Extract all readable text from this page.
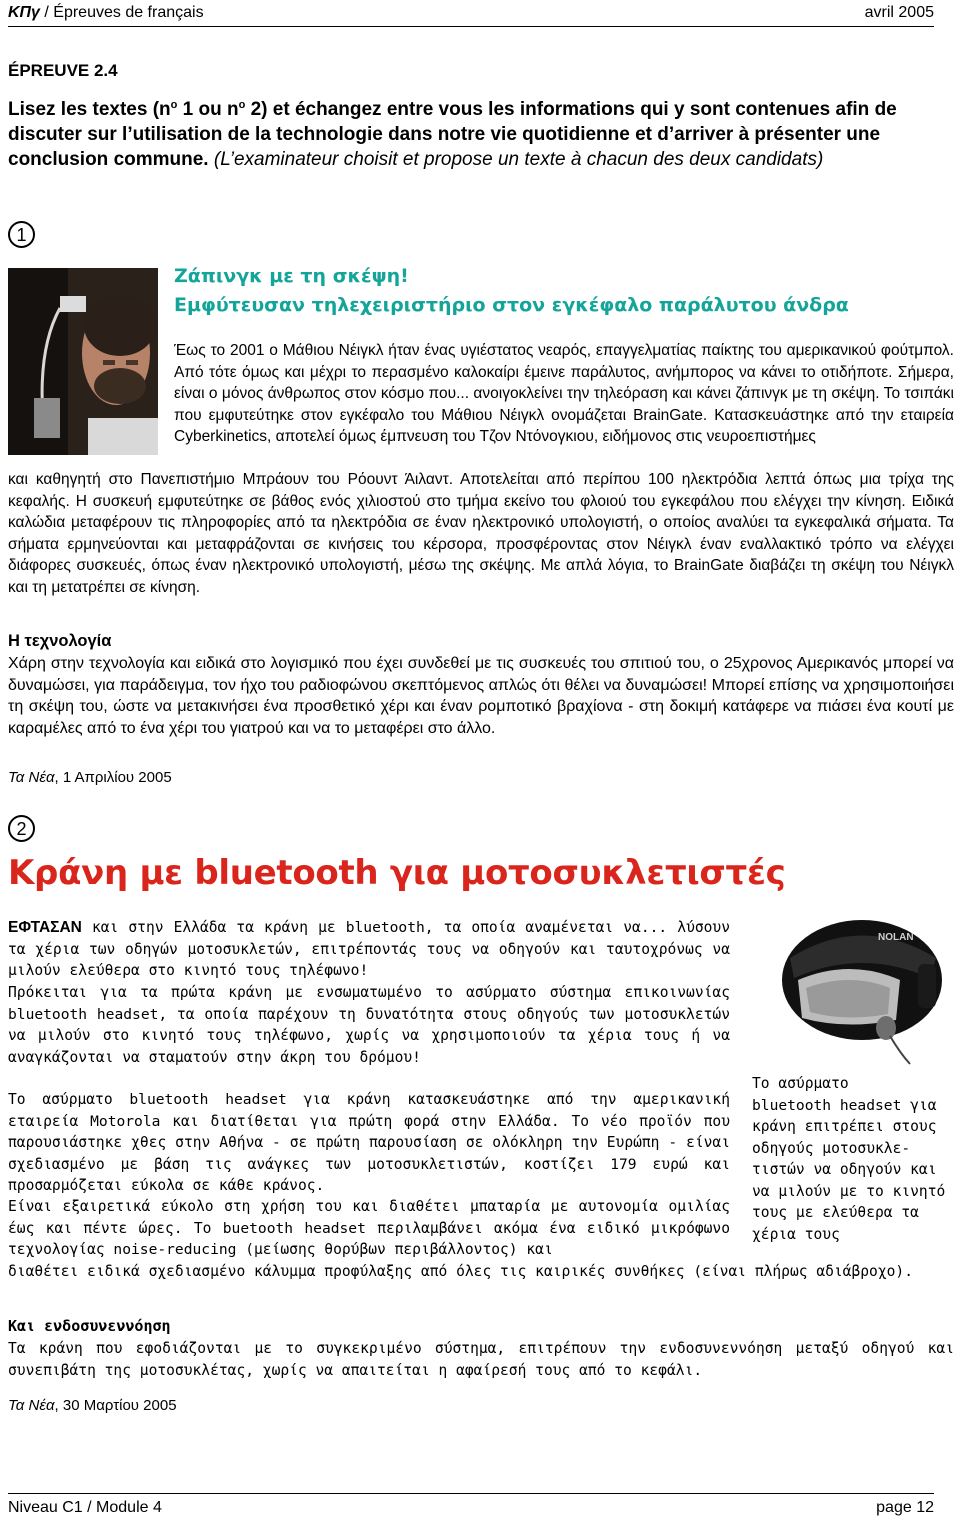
ΚΠγ / Épreuves de français	avril 2005
ÉPREUVE 2.4
Lisez les textes ($n^o$ 1 ou $n^o$ 2) et échangez entre vous les informations qui y sont contenues afin de discuter sur l’utilisation de la technologie dans notre vie quotidienne et d’arriver à présenter une conclusion commune. (L’examinateur choisit et propose un texte à chacun des deux candidats)
1
Ζάπινγκ με τη σκέψη!
Εμφύτευσαν τηλεχειριστήριο στον εγκέφαλο παράλυτου άνδρα
Έως το 2001 ο Μάθιου Νέιγκλ ήταν ένας υγιέστατος νεαρός, επαγγελματίας παίκτης του αμερικανικού φούτμπολ. Από τότε όμως και μέχρι το περασμένο καλοκαίρι έμεινε παράλυτος, ανήμπορος να κάνει το οτιδήποτε. Σήμερα, είναι ο μόνος άνθρωπος στον κόσμο που... ανοιγοκλείνει την τηλεόραση και κάνει ζάπινγκ με τη σκέψη. Το τσιπάκι που εμφυτεύτηκε στον εγκέφαλο του Μάθιου Νέιγκλ ονομάζεται BrainGate. Κατασκευάστηκε από την εταιρεία Cyberkinetics, αποτελεί όμως έμπνευση του Τζον Ντόνογκιου, ειδήμονος στις νευροεπιστήμες
και καθηγητή στο Πανεπιστήμιο Μπράουν του Ρόουντ Άιλαντ. Αποτελείται από περίπου 100 ηλεκτρόδια λεπτά όπως μια τρίχα της κεφαλής. Η συσκευή εμφυτεύτηκε σε βάθος ενός χιλιοστού στο τμήμα εκείνο του φλοιού του εγκεφάλου που ελέγχει την κίνηση. Ειδικά καλώδια μεταφέρουν τις πληροφορίες από τα ηλεκτρόδια σε έναν ηλεκτρονικό υπολογιστή, ο οποίος αναλύει τα εγκεφαλικά σήματα. Τα σήματα ερμηνεύονται και μεταφράζονται σε κινήσεις του κέρσορα, προσφέροντας στον Νέιγκλ έναν εναλλακτικό τρόπο να ελέγχει διάφορες συσκευές, όπως έναν ηλεκτρονικό υπολογιστή, μέσω της σκέψης. Με απλά λόγια, το BrainGate διαβάζει τη σκέψη του Νέιγκλ και τη μετατρέπει σε κίνηση.
Η τεχνολογία
Χάρη στην τεχνολογία και ειδικά στο λογισμικό που έχει συνδεθεί με τις συσκευές του σπιτιού του, ο 25χρονος Αμερικανός μπορεί να δυναμώσει, για παράδειγμα, τον ήχο του ραδιοφώνου σκεπτόμενος απλώς ότι θέλει να δυναμώσει! Μπορεί επίσης να χρησιμοποιήσει τη σκέψη του, ώστε να μετακινήσει ένα προσθετικό χέρι και έναν ρομποτικό βραχίονα - στη δοκιμή κατάφερε να πιάσει ένα κουτί με καραμέλες από το ένα χέρι του γιατρού και να το μεταφέρει στο άλλο.
Τα Νέα, 1 Απριλίου 2005
2
Κράνη με bluetooth για μοτοσυκλετιστές
ΕΦΤΑΣΑΝ και στην Ελλάδα τα κράνη με bluetooth, τα οποία αναμένεται να... λύσουν τα χέρια των οδηγών μοτοσυκλετών, επιτρέποντάς τους να οδηγούν και ταυτοχρόνως να μιλούν ελεύθερα στο κινητό τους τηλέφωνο!
Πρόκειται για τα πρώτα κράνη με ενσωματωμένο το ασύρματο σύστημα επικοινωνίας bluetooth headset, τα οποία παρέχουν τη δυνατότητα στους οδηγούς των μοτοσυκλετών να μιλούν στο κινητό τους τηλέφωνο, χωρίς να χρησιμοποιούν τα χέρια τους ή να αναγκάζονται να σταματούν στην άκρη του δρόμου!
Το ασύρματο bluetooth headset για κράνη κατασκευάστηκε από την αμερικανική εταιρεία Motorola και διατίθεται για πρώτη φορά στην Ελλάδα. Το νέο προϊόν που παρουσιάστηκε χθες στην Αθήνα - σε πρώτη παρουσίαση σε ολόκληρη την Ευρώπη - είναι σχεδιασμένο με βάση τις ανάγκες των μοτοσυκλετιστών, κοστίζει 179 ευρώ και προσαρμόζεται εύκολα σε κάθε κράνος.
Είναι εξαιρετικά εύκολο στη χρήση του και διαθέτει μπαταρία με αυτονομία ομιλίας έως και πέντε ώρες. Το buetooth headset περιλαμβάνει ακόμα ένα ειδικό μικρόφωνο τεχνολογίας noise-reducing (μείωσης θορύβων περιβάλλοντος) και
διαθέτει ειδικά σχεδιασμένο κάλυμμα προφύλαξης από όλες τις καιρικές συνθήκες (είναι πλήρως αδιάβροχο).
NOLAN
Το ασύρματο
bluetooth headset για
κράνη επιτρέπει στους
οδηγούς μοτοσυκλε-
τιστών να οδηγούν και
να μιλούν με το κινητό
τους με ελεύθερα τα
χέρια τους
Και ενδοσυνεννόηση
Τα κράνη που εφοδιάζονται με το συγκεκριμένο σύστημα, επιτρέπουν την ενδοσυνεννόηση μεταξύ οδηγού και συνεπιβάτη της μοτοσυκλέτας, χωρίς να απαιτείται η αφαίρεσή τους από το κεφάλι.
Τα Νέα, 30 Μαρτίου 2005
Niveau C1 / Module 4	page 12
